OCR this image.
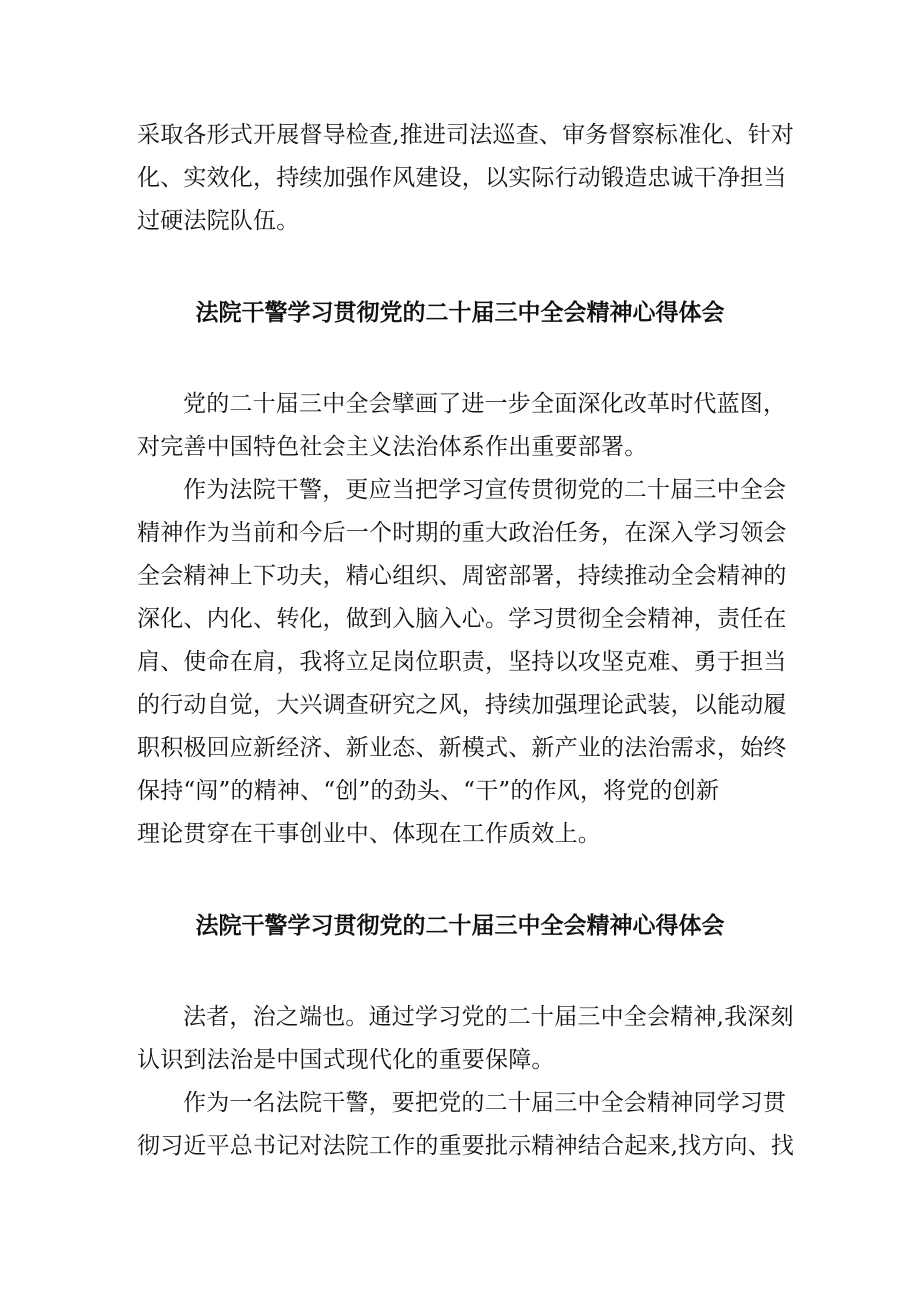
采取各形式开展督导检查,推进司法巡查、审务督察标准化、针对
化、实效化，持续加强作风建设，以实际行动锻造忠诚干净担当
过硬法院队伍。
法院干警学习贯彻党的二十届三中全会精神心得体会
党的二十届三中全会擘画了进一步全面深化改革时代蓝图，
对完善中国特色社会主义法治体系作出重要部署。
作为法院干警，更应当把学习宣传贯彻党的二十届三中全会
精神作为当前和今后一个时期的重大政治任务，在深入学习领会
全会精神上下功夫，精心组织、周密部署，持续推动全会精神的
深化、内化、转化，做到入脑入心。学习贯彻全会精神，责任在
肩、使命在肩，我将立足岗位职责，坚持以攻坚克难、勇于担当
的行动自觉，大兴调查研究之风，持续加强理论武装，以能动履
职积极回应新经济、新业态、新模式、新产业的法治需求，始终
保持“闯”的精神、“创”的劲头、“干”的作风，将党的创新
理论贯穿在干事创业中、体现在工作质效上。
法院干警学习贯彻党的二十届三中全会精神心得体会
法者，治之端也。通过学习党的二十届三中全会精神,我深刻
认识到法治是中国式现代化的重要保障。
作为一名法院干警，要把党的二十届三中全会精神同学习贯
彻习近平总书记对法院工作的重要批示精神结合起来,找方向、找
